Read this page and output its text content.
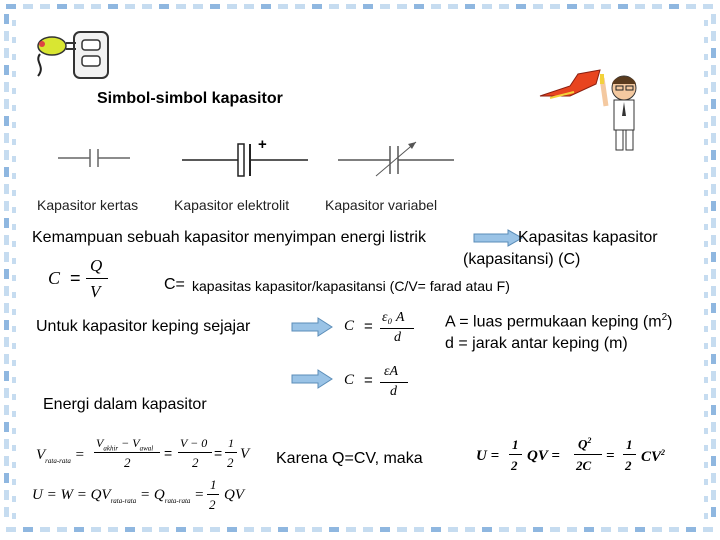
Simbol-simbol kapasitor
+
Kapasitor kertas	Kapasitor elektrolit	Kapasitor variabel
Kemampuan sebuah kapasitor menyimpan energi listrik	Kapasitas kapasitor
(kapasitansi) (C)
C =
Q
V	C= kapasitas kapasitor/kapasitansi (C/V= farad atau F)
Untuk kapasitor keping sejajar	C =
ε₀ A
d
A = luas permukaan keping $(m^2)$
d = jarak antar keping (m)
C =
εA
d
Energi dalam kapasitor
$V_{rata-rata}$ =
$V_{akhir} - V_{awal}$
2
=
V − 0
2
=
1
2
V
$U = W = QV_{rata-rata} = Q_{rata-rata}$ =
1
2
QV
Karena Q=CV, maka	U =
1
2
QV =
$Q^2$
2C
=
1
2
$CV^2$
